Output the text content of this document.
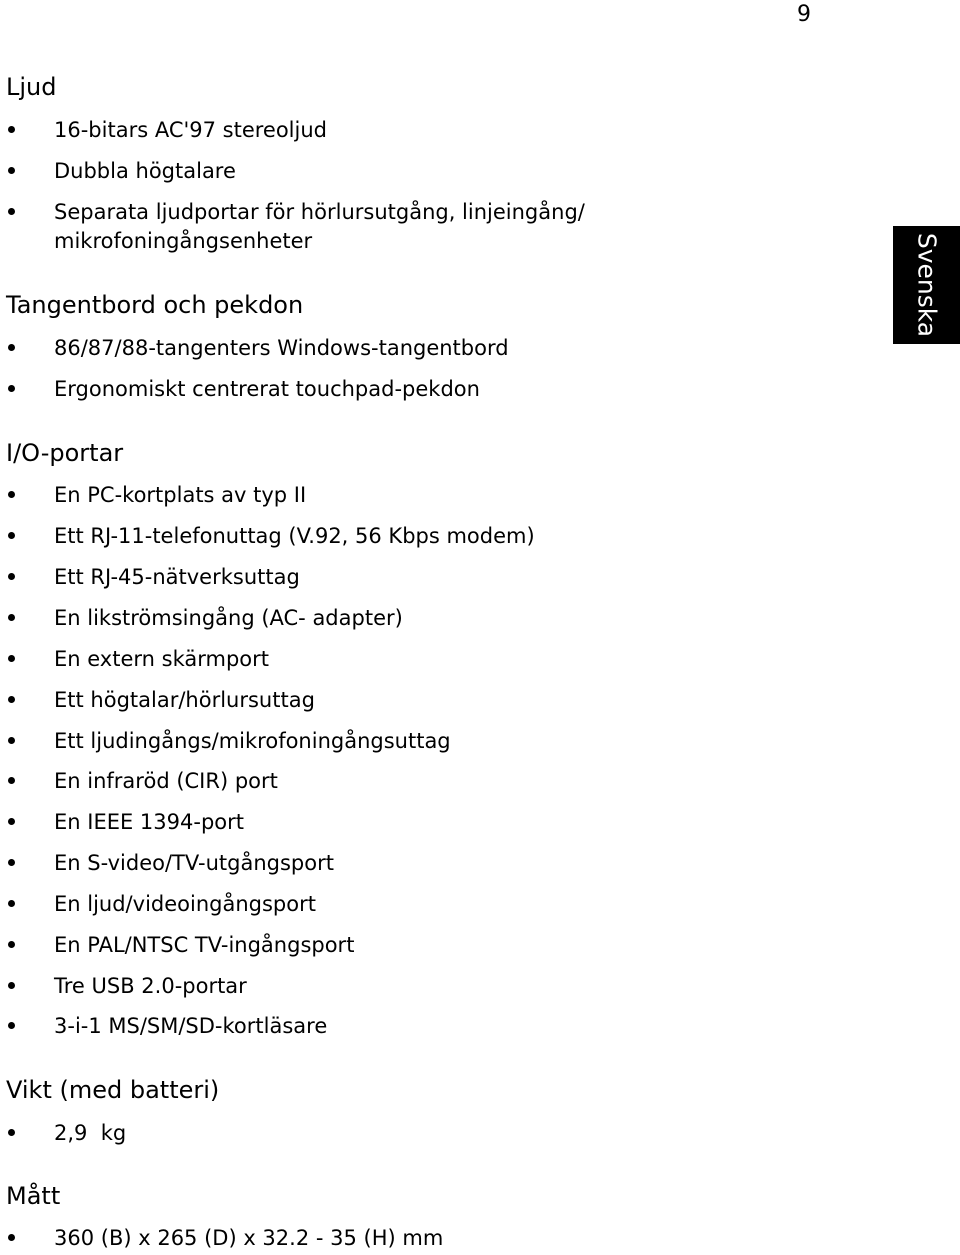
9
Svenska
Ljud
16-bitars AC'97 stereoljud
Dubbla högtalare
Separata ljudportar för hörlursutgång, linjeingång/ mikrofoningångsenheter
Tangentbord och pekdon
86/87/88-tangenters Windows-tangentbord
Ergonomiskt centrerat touchpad-pekdon
I/O-portar
En PC-kortplats av typ II
Ett RJ-11-telefonuttag (V.92, 56 Kbps modem)
Ett RJ-45-nätverksuttag
En likströmsingång (AC- adapter)
En extern skärmport
Ett högtalar/hörlursuttag
Ett ljudingångs/mikrofoningångsuttag
En infraröd (CIR) port
En IEEE 1394-port
En S-video/TV-utgångsport
En ljud/videoingångsport
En PAL/NTSC TV-ingångsport
Tre USB 2.0-portar
3-i-1 MS/SM/SD-kortläsare
Vikt (med batteri)
2,9  kg
Mått
360 (B) x 265 (D) x 32.2 - 35 (H) mm
